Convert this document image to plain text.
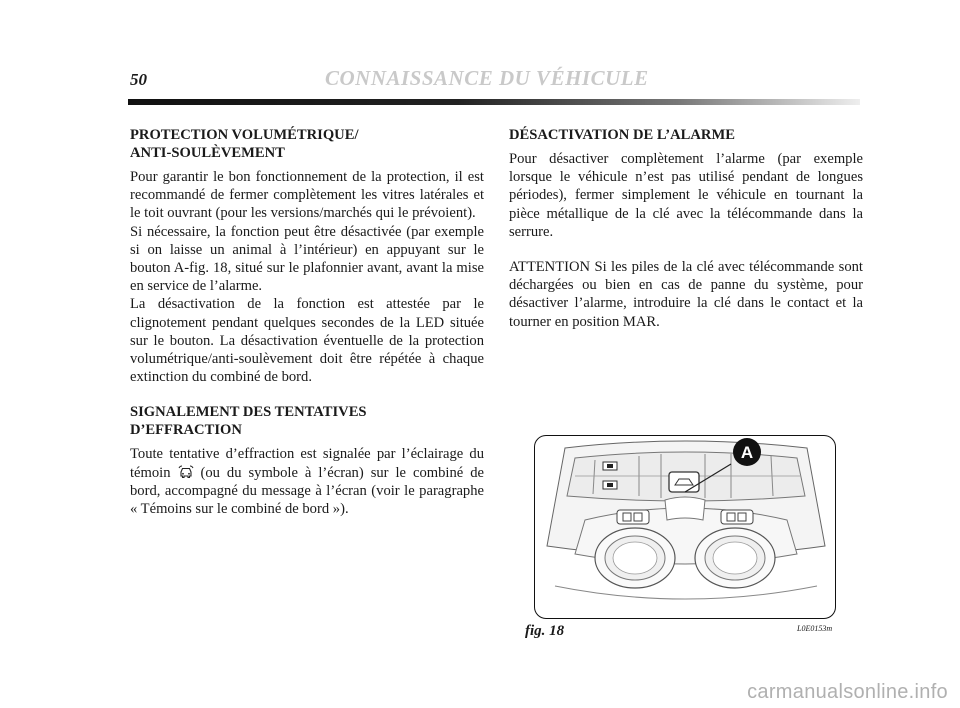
50	CONNAISSANCE DU VÉHICULE
PROTECTION VOLUMÉTRIQUE/
ANTI-SOULÈVEMENT

Pour garantir le bon fonctionnement de la protection, il est recommandé de fermer complètement les vitres latérales et le toit ouvrant (pour les versions/marchés qui le prévoient).

Si nécessaire, la fonction peut être désactivée (par exemple si on laisse un animal à l’intérieur) en appuyant sur le bouton A-fig. 18, situé sur le plafonnier avant, avant la mise en service de l’alarme.

La désactivation de la fonction est attestée par le clignotement pendant quelques secondes de la LED située sur le bouton. La désactivation éventuelle de la protection volumétrique/anti-soulèvement doit être répétée à chaque extinction du combiné de bord.

SIGNALEMENT DES TENTATIVES
D’EFFRACTION

Toute tentative d’effraction est signalée par l’éclairage du témoin  (ou du symbole à l’écran) sur le combiné de bord, accompagné du message à l’écran (voir le paragraphe « Témoins sur le combiné de bord »).

DÉSACTIVATION DE L’ALARME

Pour désactiver complètement l’alarme (par exemple lorsque le véhicule n’est pas utilisé pendant de longues périodes), fermer simplement le véhicule en tournant la pièce métallique de la clé avec la télécommande dans la serrure.

ATTENTION Si les piles de la clé avec télécommande sont déchargées ou bien en cas de panne du système, pour désactiver l’alarme, introduire la clé dans le contact et la tourner en position MAR.

A
fig. 18	L0E0153m
carmanualsonline.info
